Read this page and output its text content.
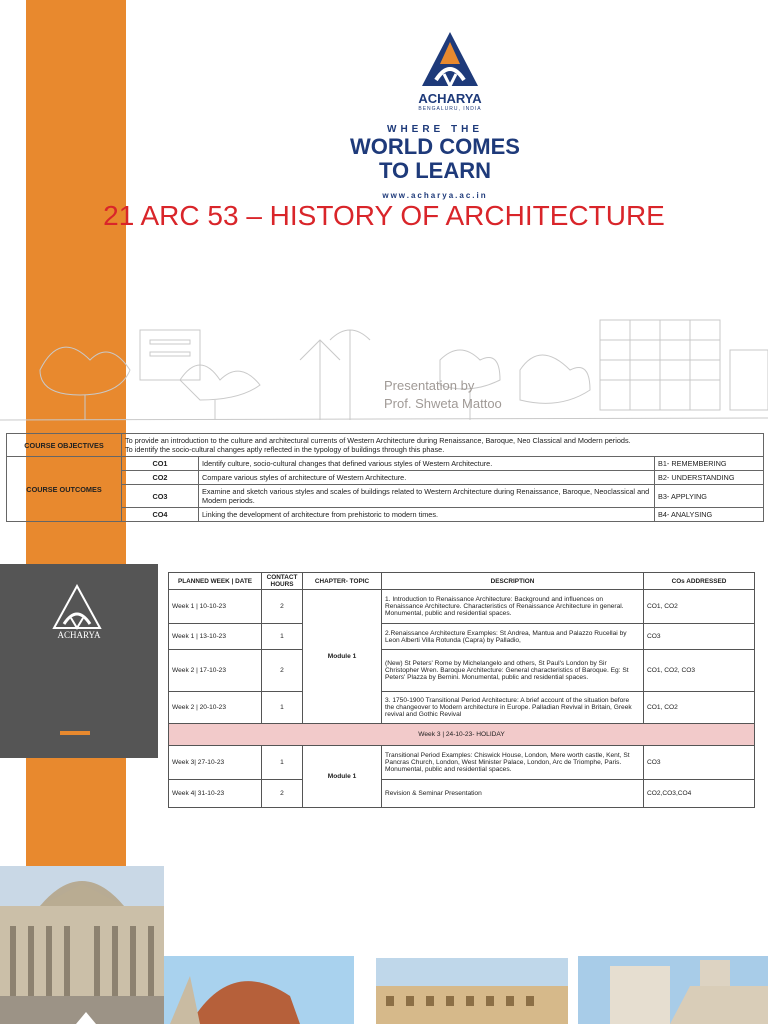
ACHARYA
BENGALURU, INDIA
WHERE THE
WORLD COMES
TO LEARN
www.acharya.ac.in
21 ARC 53 – HISTORY OF ARCHITECTURE
Presentation by
Prof. Shweta Mattoo
COURSE OBJECTIVES	To provide an introduction to the culture and architectural currents of Western Architecture during Renaissance, Baroque, Neo Classical and Modern periods.
To identify the socio-cultural changes aptly reflected in the typology of buildings through this phase.		

COURSE OUTCOMES	CO1	Identify culture, socio-cultural changes that defined various styles of Western Architecture.	B1- REMEMBERING
	CO2	Compare various styles of architecture of Western Architecture.	B2- UNDERSTANDING
	CO3	Examine and sketch various styles and scales of buildings related to Western Architecture during Renaissance, Baroque, Neoclassical and Modern periods.	B3- APPLYING
	CO4	Linking the development of architecture from prehistoric to modern times.	B4- ANALYSING
ACHARYA
PLANNED WEEK | DATE	CONTACT HOURS	CHAPTER- TOPIC	DESCRIPTION	COs ADDRESSED
Week 1 | 10-10-23	2	Module 1	1. Introduction to Renaissance Architecture: Background and influences on Renaissance Architecture. Characteristics of Renaissance Architecture in general. Monumental, public and residential spaces.	CO1, CO2
Week 1 | 13-10-23	1		2.Renaissance Architecture Examples: St Andrea, Mantua and Palazzo Rucellai by Leon Alberti Villa Rotunda (Capra) by Palladio,	CO3
Week 2 | 17-10-23	2		(New) St Peters' Rome by Michelangelo and others, St Paul's London by Sir Christopher Wren. Baroque Architecture: General characteristics of Baroque. Eg: St Peters' Plazza by Bernini. Monumental, public and residential spaces.	CO1, CO2, CO3
Week 2 | 20-10-23	1		3. 1750-1900 Transitional Period Architecture: A brief account of the situation before the changeover to Modern architecture in Europe. Palladian Revival in Britain, Greek revival and Gothic Revival	CO1, CO2
Week 3 | 24-10-23- HOLIDAY				
Week 3| 27-10-23	1	Module 1	Transitional Period Examples: Chiswick House, London, Mere worth castle, Kent, St Pancras Church, London, West Minister Palace, London, Arc de Triomphe, Paris. Monumental, public and residential spaces.	CO3
Week 4| 31-10-23	2		Revision & Seminar Presentation	CO2,CO3,CO4
